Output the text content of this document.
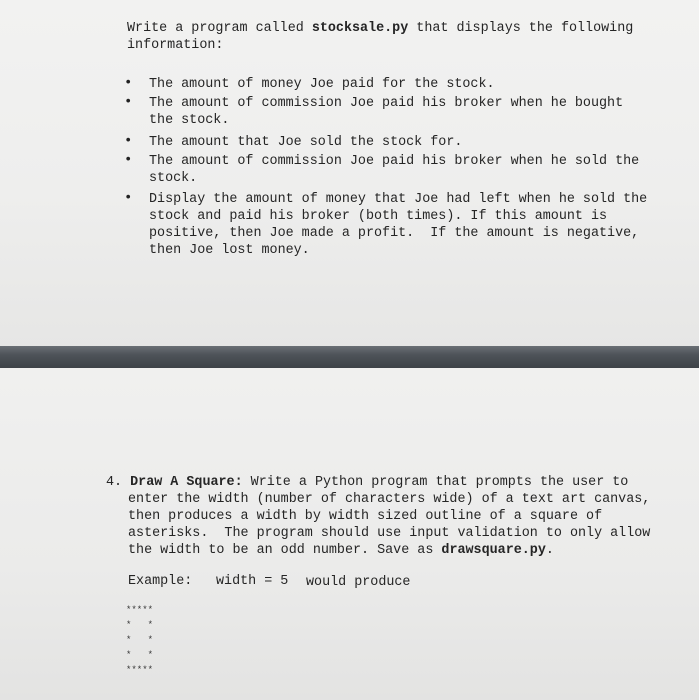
Write a program called stocksale.py that displays the following
information:
• The amount of money Joe paid for the stock.
• The amount of commission Joe paid his broker when he bought
the stock.
• The amount that Joe sold the stock for.
• The amount of commission Joe paid his broker when he sold the
stock.
• Display the amount of money that Joe had left when he sold the
stock and paid his broker (both times). If this amount is
positive, then Joe made a profit.  If the amount is negative,
then Joe lost money.
4. Draw A Square: Write a Python program that prompts the user to
enter the width (number of characters wide) of a text art canvas,
then produces a width by width sized outline of a square of
asterisks.  The program should use input validation to only allow
the width to be an odd number. Save as drawsquare.py.
Example: width = 5 would produce
*****
*   *
*   *
*   *
*****
